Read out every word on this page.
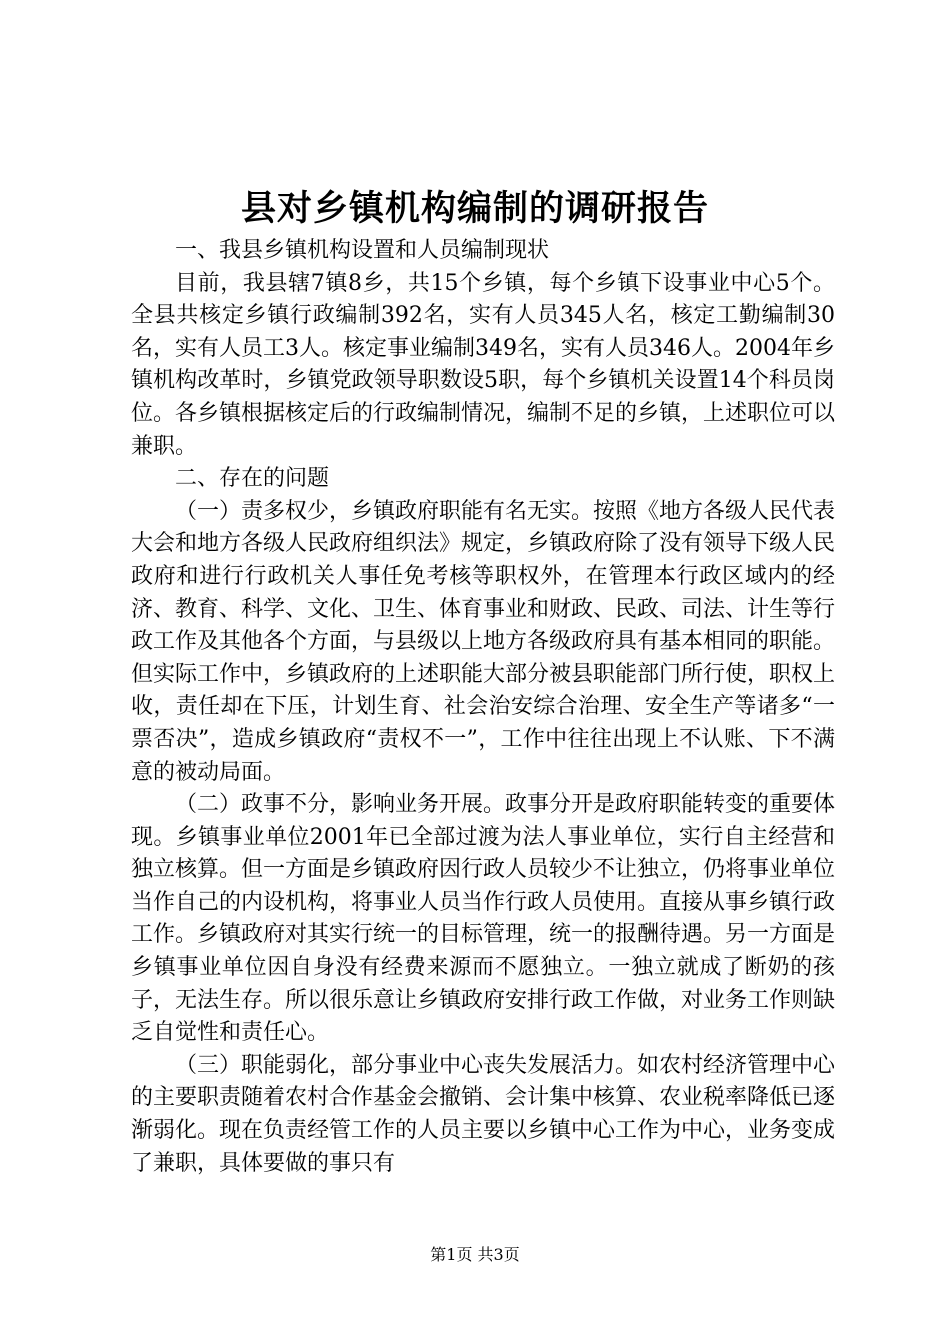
县对乡镇机构编制的调研报告

一、我县乡镇机构设置和人员编制现状

目前，我县辖7镇8乡，共15个乡镇，每个乡镇下设事业中心5个。全县共核定乡镇行政编制392名，实有人员345人名，核定工勤编制30名，实有人员工3人。核定事业编制349名，实有人员346人。2004年乡镇机构改革时，乡镇党政领导职数设5职，每个乡镇机关设置14个科员岗位。各乡镇根据核定后的行政编制情况，编制不足的乡镇，上述职位可以兼职。

二、存在的问题

（一）责多权少，乡镇政府职能有名无实。按照《地方各级人民代表大会和地方各级人民政府组织法》规定，乡镇政府除了没有领导下级人民政府和进行行政机关人事任免考核等职权外，在管理本行政区域内的经济、教育、科学、文化、卫生、体育事业和财政、民政、司法、计生等行政工作及其他各个方面，与县级以上地方各级政府具有基本相同的职能。但实际工作中，乡镇政府的上述职能大部分被县职能部门所行使，职权上收，责任却在下压，计划生育、社会治安综合治理、安全生产等诸多“一票否决”，造成乡镇政府“责权不一”，工作中往往出现上不认账、下不满意的被动局面。

（二）政事不分，影响业务开展。政事分开是政府职能转变的重要体现。乡镇事业单位2001年已全部过渡为法人事业单位，实行自主经营和独立核算。但一方面是乡镇政府因行政人员较少不让独立，仍将事业单位当作自己的内设机构，将事业人员当作行政人员使用。直接从事乡镇行政工作。乡镇政府对其实行统一的目标管理，统一的报酬待遇。另一方面是乡镇事业单位因自身没有经费来源而不愿独立。一独立就成了断奶的孩子，无法生存。所以很乐意让乡镇政府安排行政工作做，对业务工作则缺乏自觉性和责任心。

（三）职能弱化，部分事业中心丧失发展活力。如农村经济管理中心的主要职责随着农村合作基金会撤销、会计集中核算、农业税率降低已逐渐弱化。现在负责经管工作的人员主要以乡镇中心工作为中心，业务变成了兼职，具体要做的事只有

第1页 共3页
